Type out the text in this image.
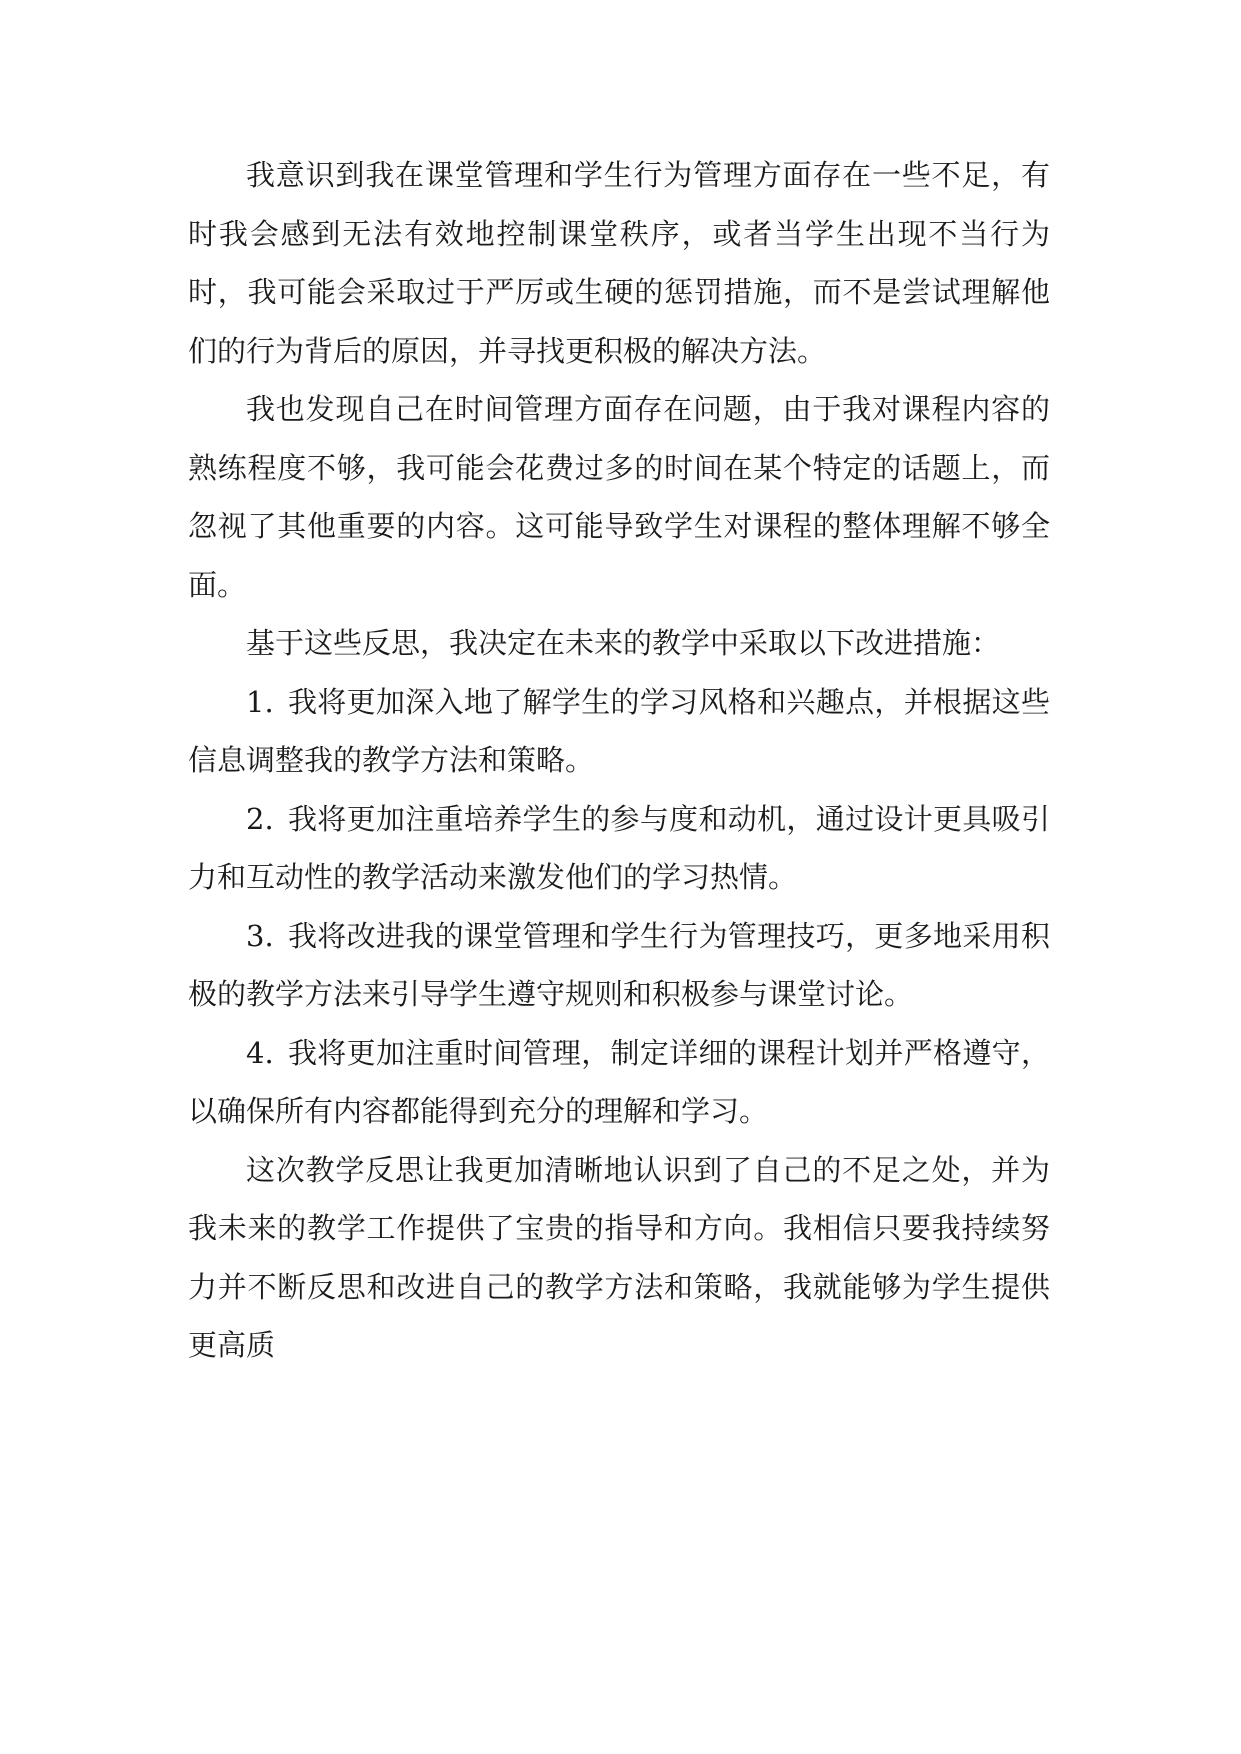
我意识到我在课堂管理和学生行为管理方面存在一些不足，有时我会感到无法有效地控制课堂秩序，或者当学生出现不当行为时，我可能会采取过于严厉或生硬的惩罚措施，而不是尝试理解他们的行为背后的原因，并寻找更积极的解决方法。

我也发现自己在时间管理方面存在问题，由于我对课程内容的熟练程度不够，我可能会花费过多的时间在某个特定的话题上，而忽视了其他重要的内容。这可能导致学生对课程的整体理解不够全面。

基于这些反思，我决定在未来的教学中采取以下改进措施：

1. 我将更加深入地了解学生的学习风格和兴趣点，并根据这些信息调整我的教学方法和策略。

2. 我将更加注重培养学生的参与度和动机，通过设计更具吸引力和互动性的教学活动来激发他们的学习热情。

3. 我将改进我的课堂管理和学生行为管理技巧，更多地采用积极的教学方法来引导学生遵守规则和积极参与课堂讨论。

4. 我将更加注重时间管理，制定详细的课程计划并严格遵守，以确保所有内容都能得到充分的理解和学习。

这次教学反思让我更加清晰地认识到了自己的不足之处，并为我未来的教学工作提供了宝贵的指导和方向。我相信只要我持续努力并不断反思和改进自己的教学方法和策略，我就能够为学生提供更高质
